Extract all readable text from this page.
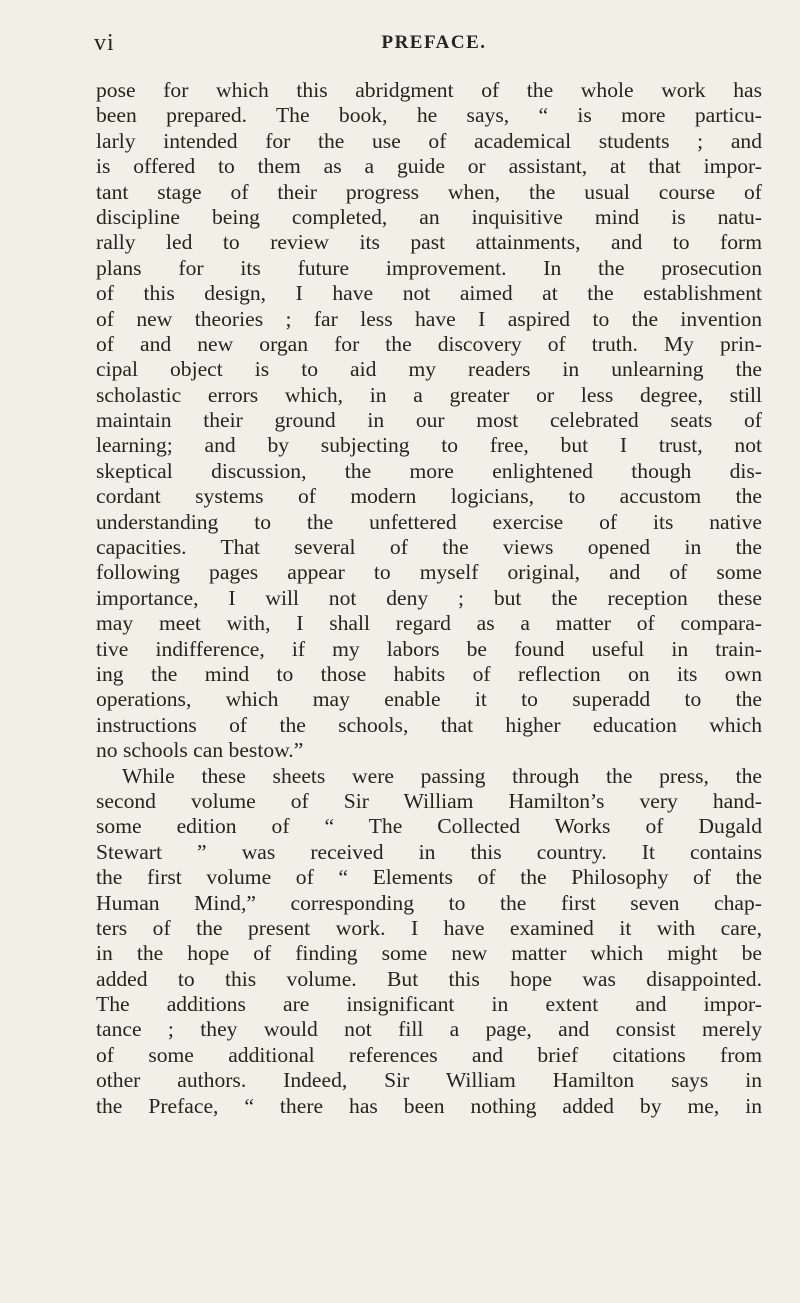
vi	PREFACE.
pose for which this abridgment of the whole work has
been prepared. The book, he says, “ is more particu-
larly intended for the use of academical students ; and
is offered to them as a guide or assistant, at that impor-
tant stage of their progress when, the usual course of
discipline being completed, an inquisitive mind is natu-
rally led to review its past attainments, and to form
plans for its future improvement. In the prosecution
of this design, I have not aimed at the establishment
of new theories ; far less have I aspired to the invention
of and new organ for the discovery of truth. My prin-
cipal object is to aid my readers in unlearning the
scholastic errors which, in a greater or less degree, still
maintain their ground in our most celebrated seats of
learning; and by subjecting to free, but I trust, not
skeptical discussion, the more enlightened though dis-
cordant systems of modern logicians, to accustom the
understanding to the unfettered exercise of its native
capacities. That several of the views opened in the
following pages appear to myself original, and of some
importance, I will not deny ; but the reception these
may meet with, I shall regard as a matter of compara-
tive indifference, if my labors be found useful in train-
ing the mind to those habits of reflection on its own
operations, which may enable it to superadd to the
instructions of the schools, that higher education which
no schools can bestow.”
While these sheets were passing through the press, the
second volume of Sir William Hamilton’s very hand-
some edition of “ The Collected Works of Dugald
Stewart ” was received in this country. It contains
the first volume of “ Elements of the Philosophy of the
Human Mind,” corresponding to the first seven chap-
ters of the present work. I have examined it with care,
in the hope of finding some new matter which might be
added to this volume. But this hope was disappointed.
The additions are insignificant in extent and impor-
tance ; they would not fill a page, and consist merely
of some additional references and brief citations from
other authors. Indeed, Sir William Hamilton says in
the Preface, “ there has been nothing added by me, in
